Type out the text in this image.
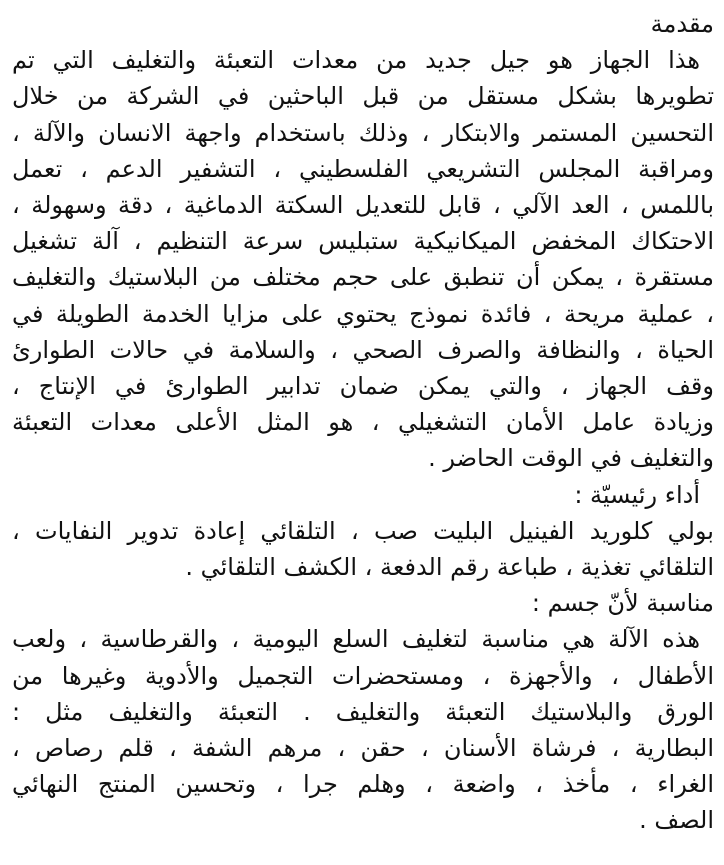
مقدمة
هذا الجهاز هو جيل جديد من معدات التعبئة والتغليف التي تم
تطويرها بشكل مستقل من قبل الباحثين في الشركة من خلال
التحسين المستمر والابتكار ، وذلك باستخدام واجهة الانسان والآلة ،
ومراقبة المجلس التشريعي الفلسطيني ، التشفير الدعم ، تعمل
باللمس ، العد الآلي ، قابل للتعديل السكتة الدماغية ، دقة وسهولة ،
الاحتكاك المخفض الميكانيكية ستبليس سرعة التنظيم ، آلة تشغيل
مستقرة ، يمكن أن تنطبق على حجم مختلف من البلاستيك والتغليف
، عملية مريحة ، فائدة نموذج يحتوي على مزايا الخدمة الطويلة في
الحياة ، والنظافة والصرف الصحي ، والسلامة في حالات الطوارئ
وقف الجهاز ، والتي يمكن ضمان تدابير الطوارئ في الإنتاج ،
وزيادة عامل الأمان التشغيلي ، هو المثل الأعلى معدات التعبئة
والتغليف في الوقت الحاضر .
أداء رئيسيّة :
بولي كلوريد الفينيل البليت صب ، التلقائي إعادة تدوير النفايات ،
التلقائي تغذية ، طباعة رقم الدفعة ، الكشف التلقائي .
مناسبة لأنّ جسم :
هذه الآلة هي مناسبة لتغليف السلع اليومية ، والقرطاسية ، ولعب
الأطفال ، والأجهزة ، ومستحضرات التجميل والأدوية وغيرها من
الورق والبلاستيك التعبئة والتغليف . التعبئة والتغليف مثل :
البطارية ، فرشاة الأسنان ، حقن ، مرهم الشفة ، قلم رصاص ،
الغراء ، مأخذ ، واضعة ، وهلم جرا ، وتحسين المنتج النهائي
الصف .
